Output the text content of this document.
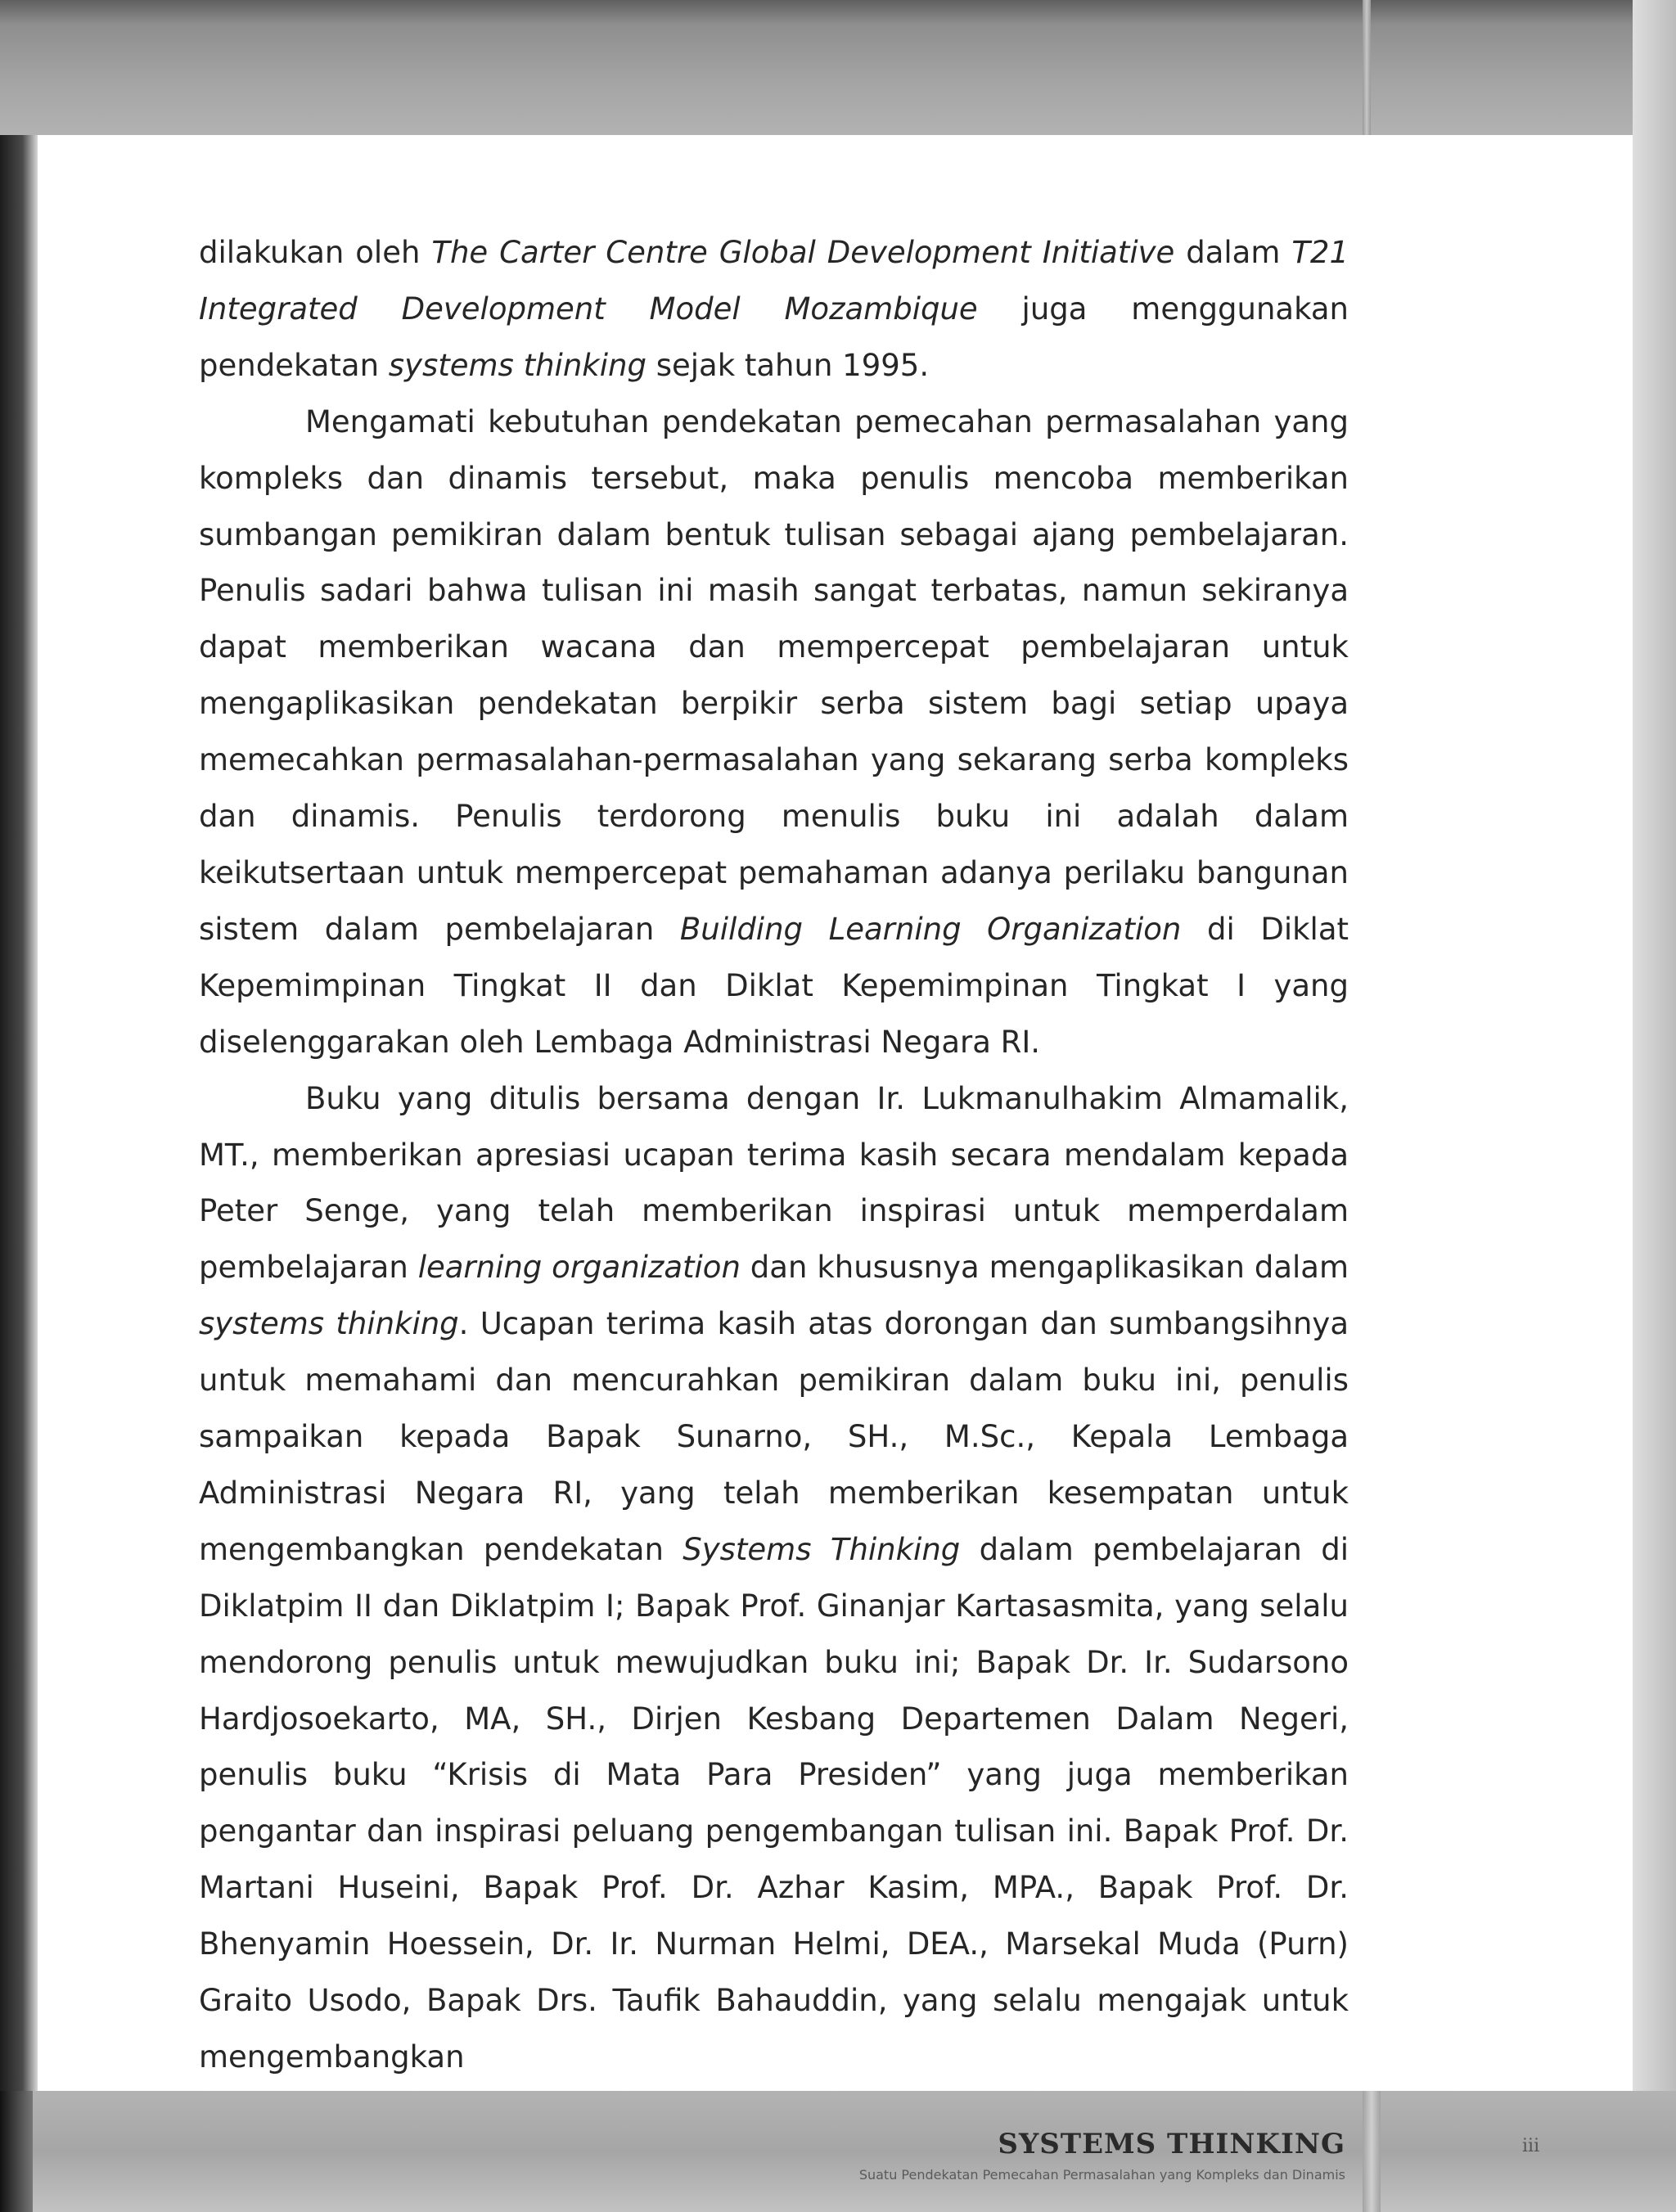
dilakukan oleh The Carter Centre Global Development Initiative dalam T21 Integrated Development Model Mozambique juga menggunakan pendekatan systems thinking sejak tahun 1995.

Mengamati kebutuhan pendekatan pemecahan permasalahan yang kompleks dan dinamis tersebut, maka penulis mencoba memberikan sumbangan pemikiran dalam bentuk tulisan sebagai ajang pembelajaran. Penulis sadari bahwa tulisan ini masih sangat terbatas, namun sekiranya dapat memberikan wacana dan mempercepat pembelajaran untuk mengaplikasikan pendekatan berpikir serba sistem bagi setiap upaya memecahkan permasalahan-permasalahan yang sekarang serba kompleks dan dinamis. Penulis terdorong menulis buku ini adalah dalam keikutsertaan untuk mempercepat pemahaman adanya perilaku bangunan sistem dalam pembelajaran Building Learning Organization di Diklat Kepemimpinan Tingkat II dan Diklat Kepemimpinan Tingkat I yang diselenggarakan oleh Lembaga Administrasi Negara RI.

Buku yang ditulis bersama dengan Ir. Lukmanulhakim Almamalik, MT., memberikan apresiasi ucapan terima kasih secara mendalam kepada Peter Senge, yang telah memberikan inspirasi untuk memperdalam pembelajaran learning organization dan khususnya mengaplikasikan dalam systems thinking. Ucapan terima kasih atas dorongan dan sumbangsihnya untuk memahami dan mencurahkan pemikiran dalam buku ini, penulis sampaikan kepada Bapak Sunarno, SH., M.Sc., Kepala Lembaga Administrasi Negara RI, yang telah memberikan kesempatan untuk mengembangkan pendekatan Systems Thinking dalam pembelajaran di Diklatpim II dan Diklatpim I; Bapak Prof. Ginanjar Kartasasmita, yang selalu mendorong penulis untuk mewujudkan buku ini; Bapak Dr. Ir. Sudarsono Hardjosoekarto, MA, SH., Dirjen Kesbang Departemen Dalam Negeri, penulis buku “Krisis di Mata Para Presiden” yang juga memberikan pengantar dan inspirasi peluang pengembangan tulisan ini. Bapak Prof. Dr. Martani Huseini, Bapak Prof. Dr. Azhar Kasim, MPA., Bapak Prof. Dr. Bhenyamin Hoessein, Dr. Ir. Nurman Helmi, DEA., Marsekal Muda (Purn) Graito Usodo, Bapak Drs. Taufik Bahauddin, yang selalu mengajak untuk mengembangkan

SYSTEMS THINKING
Suatu Pendekatan Pemecahan Permasalahan yang Kompleks dan Dinamis
iii
